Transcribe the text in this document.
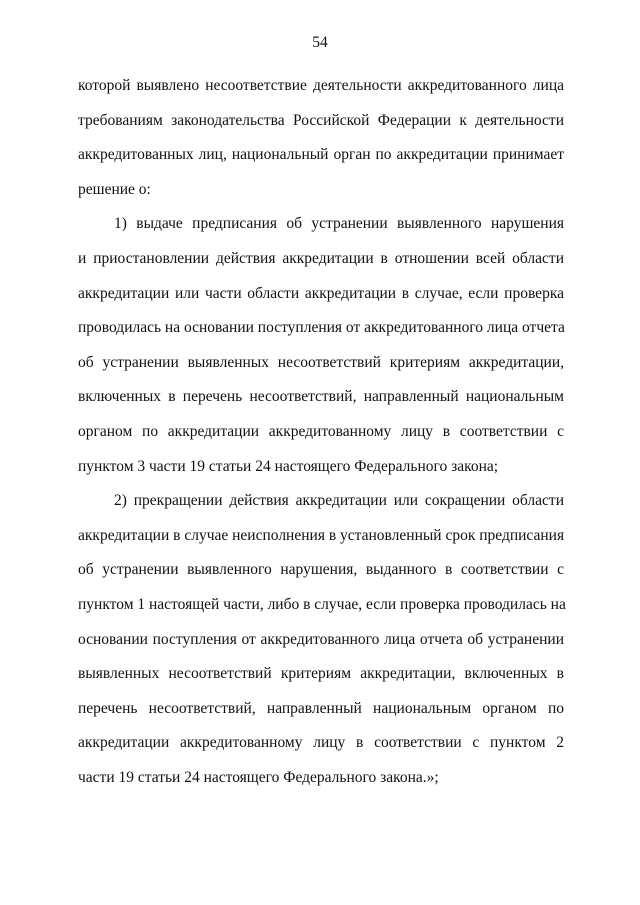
54
которой выявлено несоответствие деятельности аккредитованного лица
требованиям законодательства Российской Федерации к деятельности
аккредитованных лиц, национальный орган по аккредитации принимает
решение о:
1) выдаче предписания об устранении выявленного нарушения
и приостановлении действия аккредитации в отношении всей области
аккредитации или части области аккредитации в случае, если проверка
проводилась на основании поступления от аккредитованного лица отчета
об устранении выявленных несоответствий критериям аккредитации,
включенных в перечень несоответствий, направленный национальным
органом по аккредитации аккредитованному лицу в соответствии с
пунктом 3 части 19 статьи 24 настоящего Федерального закона;
2) прекращении действия аккредитации или сокращении области
аккредитации в случае неисполнения в установленный срок предписания
об устранении выявленного нарушения, выданного в соответствии с
пунктом 1 настоящей части, либо в случае, если проверка проводилась на
основании поступления от аккредитованного лица отчета об устранении
выявленных несоответствий критериям аккредитации, включенных в
перечень несоответствий, направленный национальным органом по
аккредитации аккредитованному лицу в соответствии с пунктом 2
части 19 статьи 24 настоящего Федерального закона.»;
